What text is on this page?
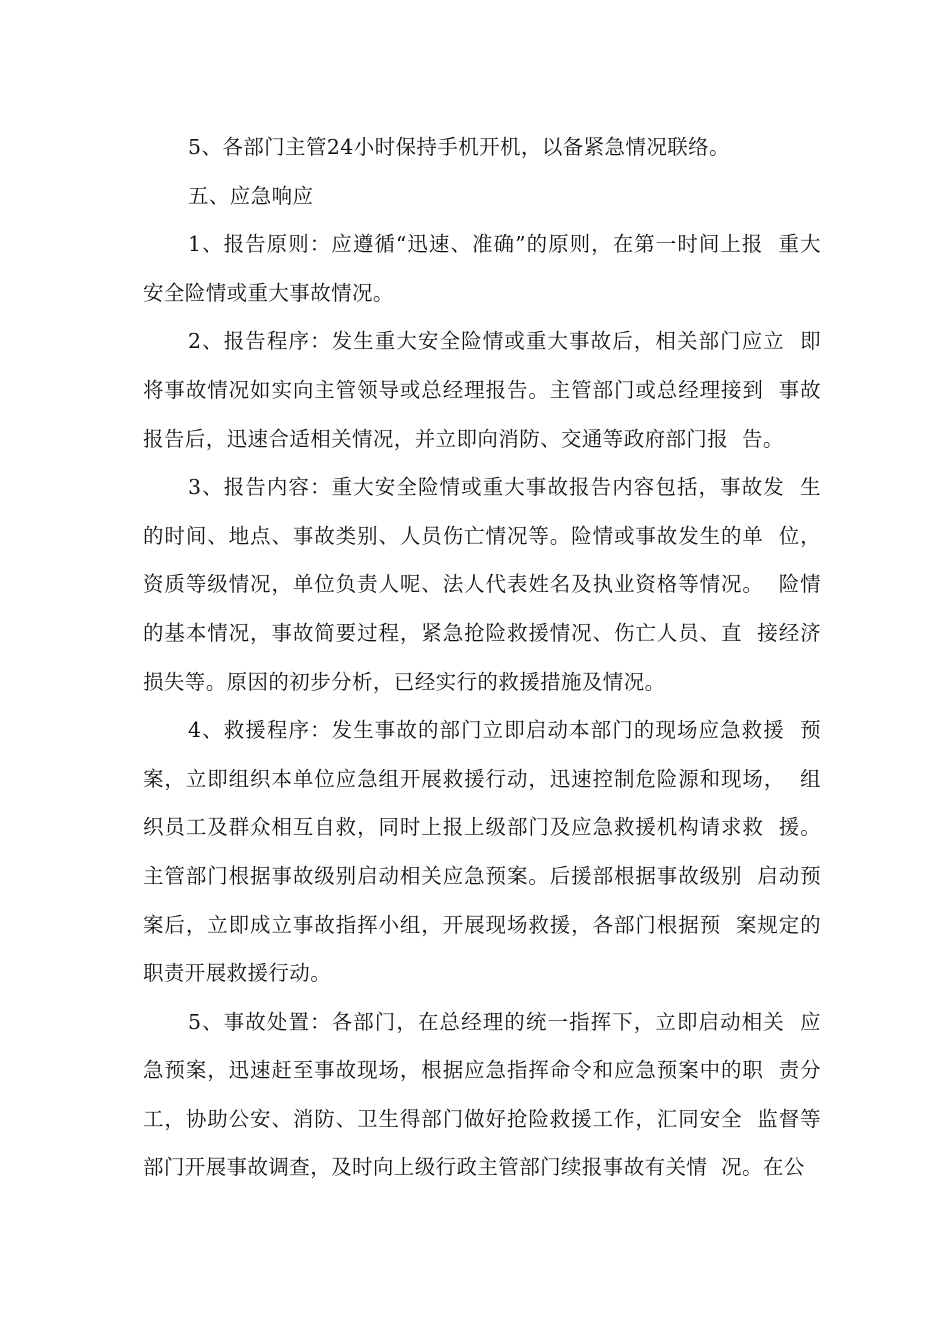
5、各部门主管24小时保持手机开机，以备紧急情况联络。

五、应急响应

1、报告原则：应遵循“迅速、准确”的原则，在第一时间上报  重大安全险情或重大事故情况。

2、报告程序：发生重大安全险情或重大事故后，相关部门应立  即将事故情况如实向主管领导或总经理报告。主管部门或总经理接到  事故报告后，迅速合适相关情况，并立即向消防、交通等政府部门报  告。

3、报告内容：重大安全险情或重大事故报告内容包括，事故发  生的时间、地点、事故类别、人员伤亡情况等。险情或事故发生的单  位，资质等级情况，单位负责人呢、法人代表姓名及执业资格等情况。  险情的基本情况，事故简要过程，紧急抢险救援情况、伤亡人员、直  接经济损失等。原因的初步分析，已经实行的救援措施及情况。

4、救援程序：发生事故的部门立即启动本部门的现场应急救援  预案，立即组织本单位应急组开展救援行动，迅速控制危险源和现场，  组织员工及群众相互自救，同时上报上级部门及应急救援机构请求救  援。主管部门根据事故级别启动相关应急预案。后援部根据事故级别  启动预案后，立即成立事故指挥小组，开展现场救援，各部门根据预  案规定的职责开展救援行动。

5、事故处置：各部门，在总经理的统一指挥下，立即启动相关  应急预案，迅速赶至事故现场，根据应急指挥命令和应急预案中的职  责分工，协助公安、消防、卫生得部门做好抢险救援工作，汇同安全  监督等部门开展事故调查，及时向上级行政主管部门续报事故有关情  况。在公
